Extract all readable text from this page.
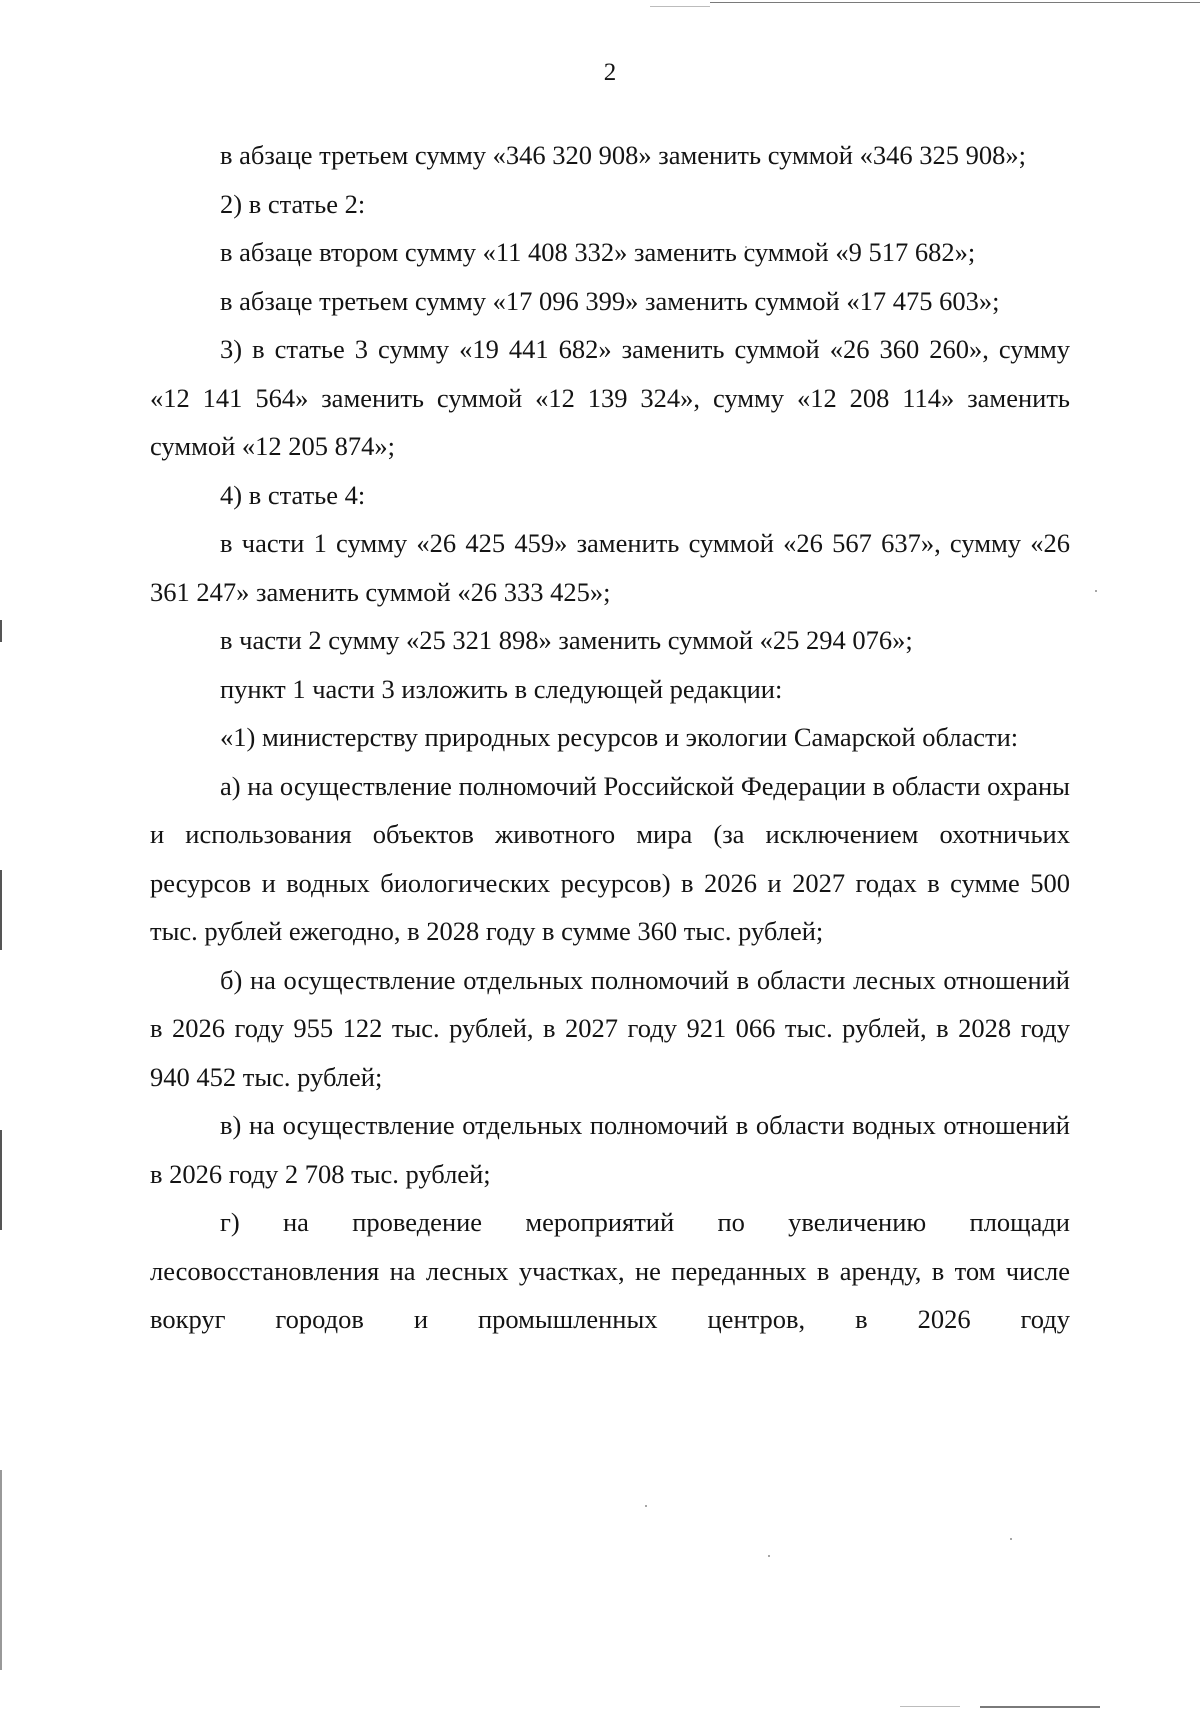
2

в абзаце третьем сумму «346 320 908» заменить суммой «346 325 908»;

2) в статье 2:

в абзаце втором сумму «11 408 332» заменить суммой «9 517 682»;

в абзаце третьем сумму «17 096 399» заменить суммой «17 475 603»;

3) в статье 3 сумму «19 441 682» заменить суммой «26 360 260», сумму «12 141 564» заменить суммой «12 139 324», сумму «12 208 114» заменить суммой «12 205 874»;

4) в статье 4:

в части 1 сумму «26 425 459» заменить суммой «26 567 637», сумму «26 361 247» заменить суммой «26 333 425»;

в части 2 сумму «25 321 898» заменить суммой «25 294 076»;

пункт 1 части 3 изложить в следующей редакции:

«1) министерству природных ресурсов и экологии Самарской области:

а) на осуществление полномочий Российской Федерации в области охраны и использования объектов животного мира (за исключением охотничьих ресурсов и водных биологических ресурсов) в 2026 и 2027 годах в сумме 500 тыс. рублей ежегодно, в 2028 году в сумме 360 тыс. рублей;

б) на осуществление отдельных полномочий в области лесных отношений в 2026 году 955 122 тыс. рублей, в 2027 году 921 066 тыс. рублей, в 2028 году 940 452 тыс. рублей;

в) на осуществление отдельных полномочий в области водных отношений в 2026 году 2 708 тыс. рублей;

г) на проведение мероприятий по увеличению площади лесовосстановления на лесных участках, не переданных в аренду, в том числе вокруг городов и промышленных центров, в 2026 году
